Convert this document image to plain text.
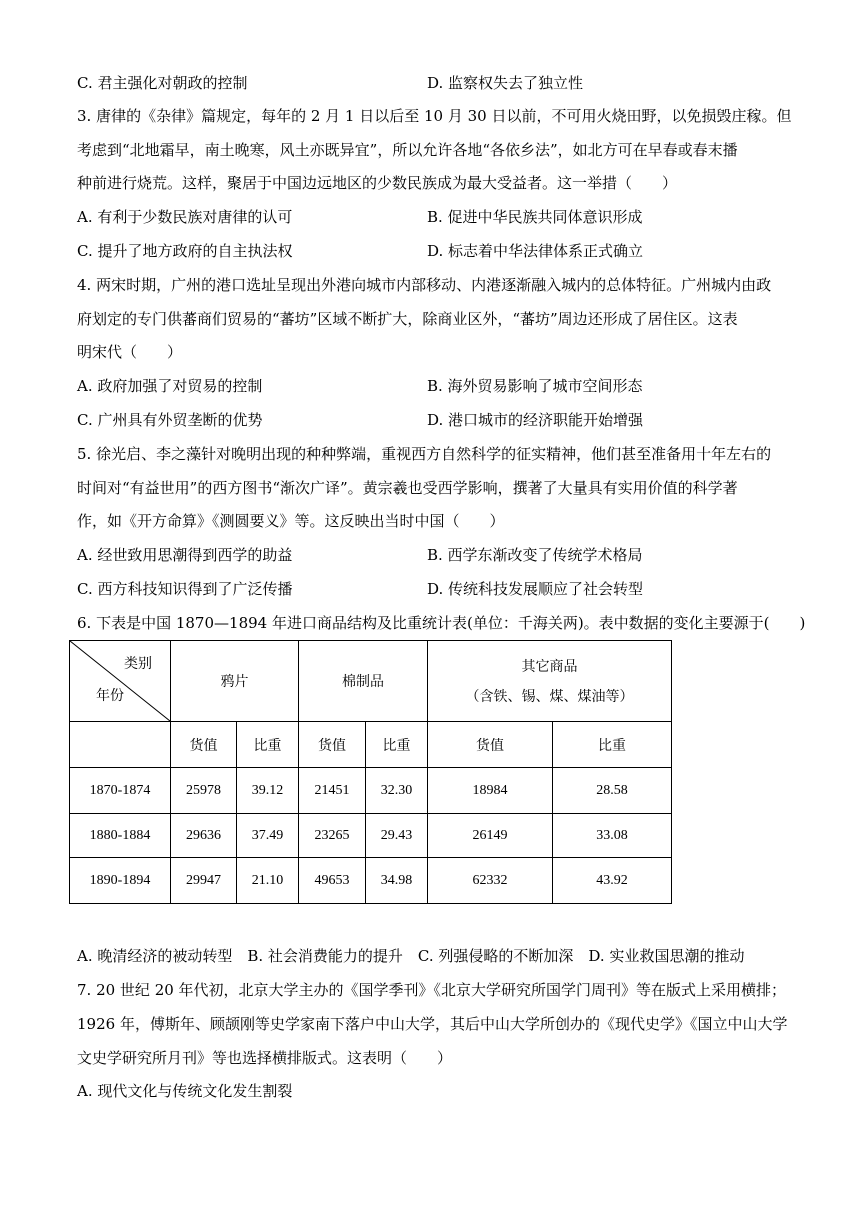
C. 君主强化对朝政的控制	D. 监察权失去了独立性
3. 唐律的《杂律》篇规定，每年的 2 月 1 日以后至 10 月 30 日以前，不可用火烧田野，以免损毁庄稼。但
考虑到“北地霜早，南土晚寒，风土亦既异宜”，所以允许各地“各依乡法”，如北方可在早春或春末播
种前进行烧荒。这样，聚居于中国边远地区的少数民族成为最大受益者。这一举措（　　）
A. 有利于少数民族对唐律的认可	B. 促进中华民族共同体意识形成
C. 提升了地方政府的自主执法权	D. 标志着中华法律体系正式确立
4. 两宋时期，广州的港口选址呈现出外港向城市内部移动、内港逐渐融入城内的总体特征。广州城内由政
府划定的专门供蕃商们贸易的“蕃坊”区域不断扩大，除商业区外，“蕃坊”周边还形成了居住区。这表
明宋代（　　）
A. 政府加强了对贸易的控制	B. 海外贸易影响了城市空间形态
C. 广州具有外贸垄断的优势	D. 港口城市的经济职能开始增强
5. 徐光启、李之藻针对晚明出现的种种弊端，重视西方自然科学的征实精神，他们甚至准备用十年左右的
时间对“有益世用”的西方图书“渐次广译”。黄宗羲也受西学影响，撰著了大量具有实用价值的科学著
作，如《开方命算》《测圆要义》等。这反映出当时中国（　　）
A. 经世致用思潮得到西学的助益	B. 西学东渐改变了传统学术格局
C. 西方科技知识得到了广泛传播	D. 传统科技发展顺应了社会转型
6. 下表是中国 1870—1894 年进口商品结构及比重统计表(单位：千海关两)。表中数据的变化主要源于(　　)
类别
年份	鸦片		棉制品		其它商品
（含铁、锡、煤、煤油等）	

	货值	比重	货值	比重	货值	比重
1870-1874	25978	39.12	21451	32.30	18984	28.58
1880-1884	29636	37.49	23265	29.43	26149	33.08
1890-1894	29947	21.10	49653	34.98	62332	43.92
A. 晚清经济的被动转型　B. 社会消费能力的提升　C. 列强侵略的不断加深　D. 实业救国思潮的推动
7. 20 世纪 20 年代初，北京大学主办的《国学季刊》《北京大学研究所国学门周刊》等在版式上采用横排；
1926 年，傅斯年、顾颉刚等史学家南下落户中山大学，其后中山大学所创办的《现代史学》《国立中山大学
文史学研究所月刊》等也选择横排版式。这表明（　　）
A. 现代文化与传统文化发生割裂
